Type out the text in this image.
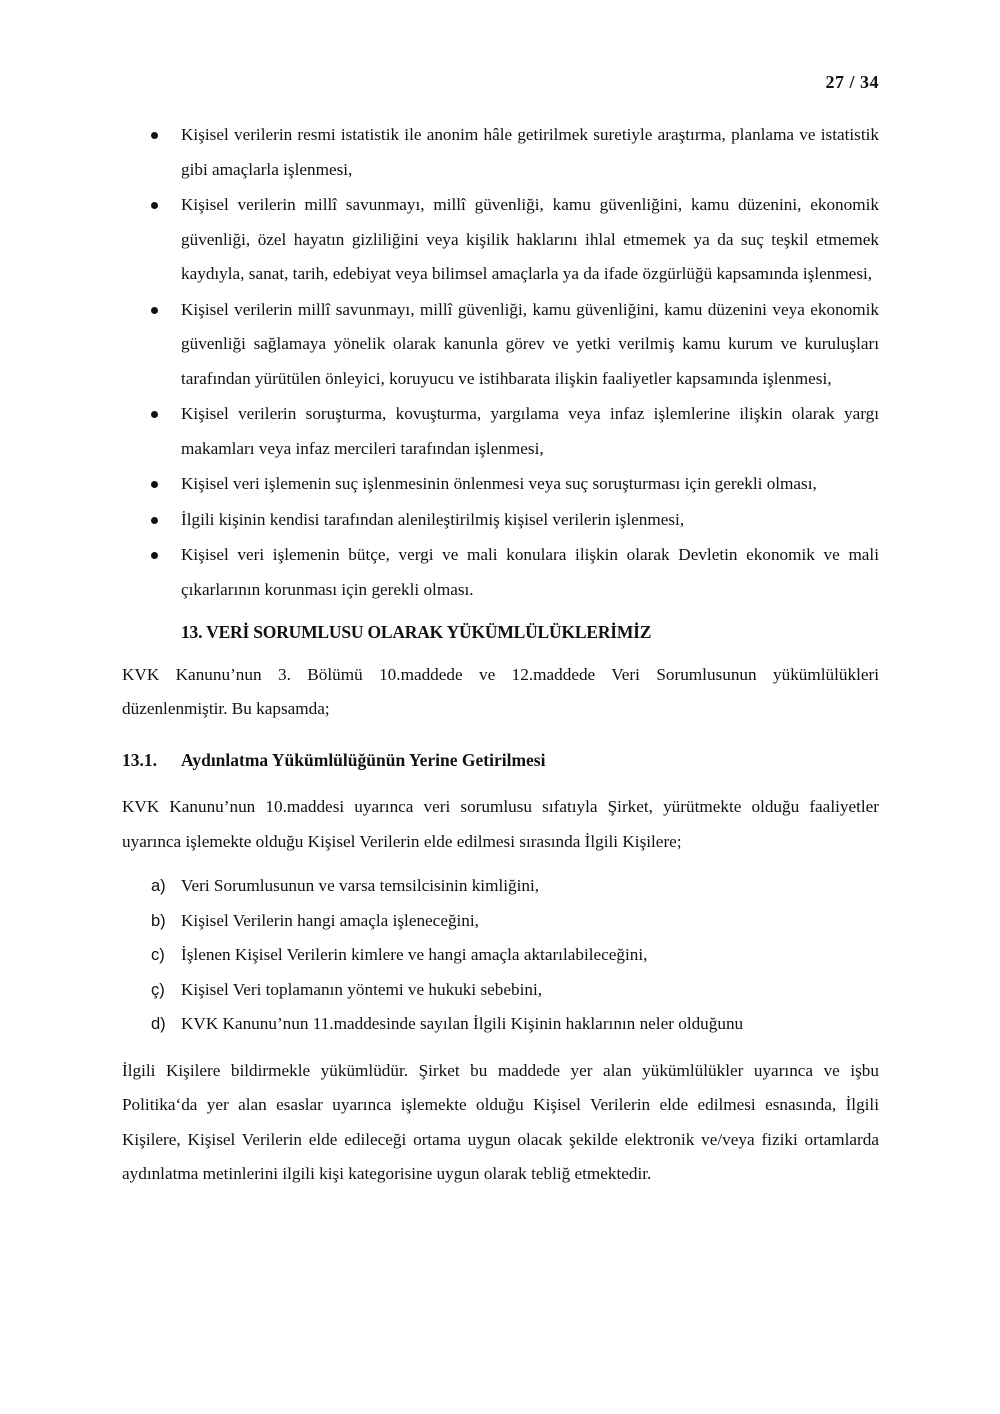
27 / 34
Kişisel verilerin resmi istatistik ile anonim hâle getirilmek suretiyle araştırma, planlama ve istatistik gibi amaçlarla işlenmesi,
Kişisel verilerin millî savunmayı, millî güvenliği, kamu güvenliğini, kamu düzenini, ekonomik güvenliği, özel hayatın gizliliğini veya kişilik haklarını ihlal etmemek ya da suç teşkil etmemek kaydıyla, sanat, tarih, edebiyat veya bilimsel amaçlarla ya da ifade özgürlüğü kapsamında işlenmesi,
Kişisel verilerin millî savunmayı, millî güvenliği, kamu güvenliğini, kamu düzenini veya ekonomik güvenliği sağlamaya yönelik olarak kanunla görev ve yetki verilmiş kamu kurum ve kuruluşları tarafından yürütülen önleyici, koruyucu ve istihbarata ilişkin faaliyetler kapsamında işlenmesi,
Kişisel verilerin soruşturma, kovuşturma, yargılama veya infaz işlemlerine ilişkin olarak yargı makamları veya infaz mercileri tarafından işlenmesi,
Kişisel veri işlemenin suç işlenmesinin önlenmesi veya suç soruşturması için gerekli olması,
İlgili kişinin kendisi tarafından alenileştirilmiş kişisel verilerin işlenmesi,
Kişisel veri işlemenin bütçe, vergi ve mali konulara ilişkin olarak Devletin ekonomik ve mali çıkarlarının korunması için gerekli olması.
13. VERİ SORUMLUSU OLARAK YÜKÜMLÜLÜKLERİMİZ

KVK Kanunu’nun 3. Bölümü 10.maddede ve 12.maddede Veri Sorumlusunun yükümlülükleri düzenlenmiştir. Bu kapsamda;

13.1.	Aydınlatma Yükümlülüğünün Yerine Getirilmesi

KVK Kanunu’nun 10.maddesi uyarınca veri sorumlusu sıfatıyla Şirket, yürütmekte olduğu faaliyetler uyarınca işlemekte olduğu Kişisel Verilerin elde edilmesi sırasında İlgili Kişilere;

a) Veri Sorumlusunun ve varsa temsilcisinin kimliğini,
b) Kişisel Verilerin hangi amaçla işleneceğini,
c) İşlenen Kişisel Verilerin kimlere ve hangi amaçla aktarılabileceğini,
ç) Kişisel Veri toplamanın yöntemi ve hukuki sebebini,
d) KVK Kanunu’nun 11.maddesinde sayılan İlgili Kişinin haklarının neler olduğunu

İlgili Kişilere bildirmekle yükümlüdür. Şirket bu maddede yer alan yükümlülükler uyarınca ve işbu Politika‘da yer alan esaslar uyarınca işlemekte olduğu Kişisel Verilerin elde edilmesi esnasında, İlgili Kişilere, Kişisel Verilerin elde edileceği ortama uygun olacak şekilde elektronik ve/veya fiziki ortamlarda aydınlatma metinlerini ilgili kişi kategorisine uygun olarak tebliğ etmektedir.
